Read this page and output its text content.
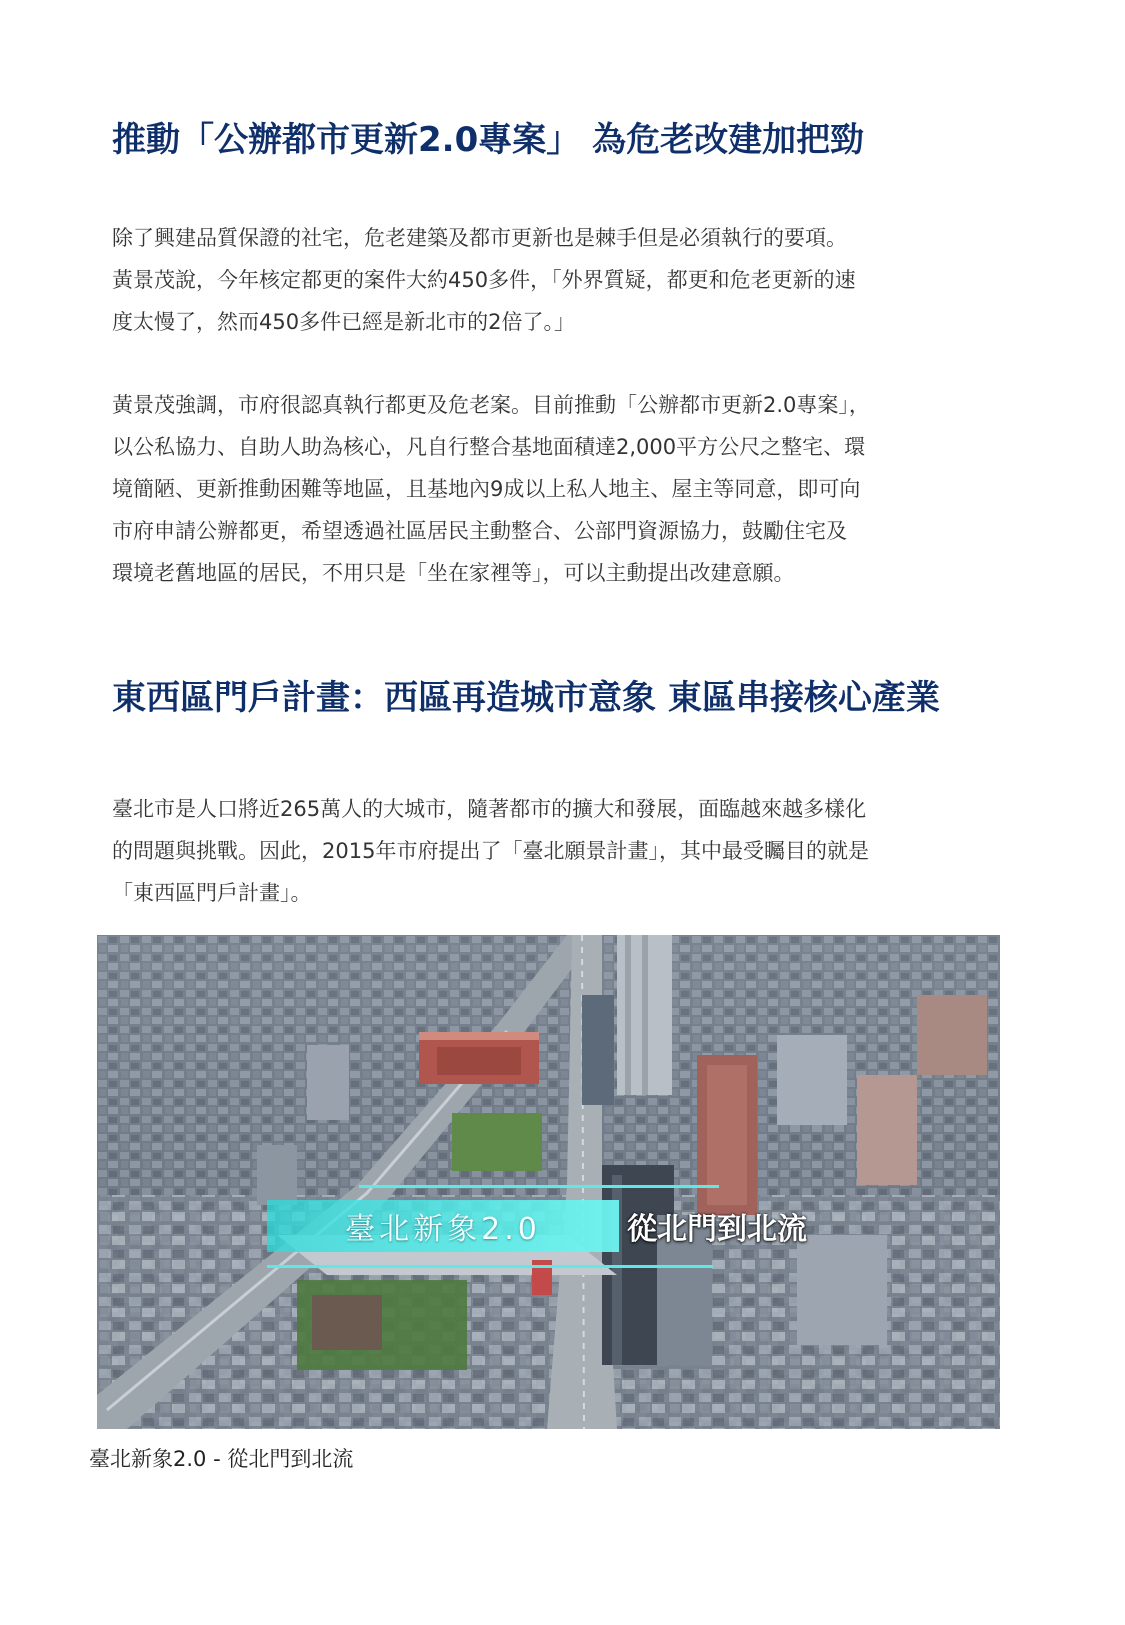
推動「公辦都市更新2.0專案」 為危老改建加把勁
除了興建品質保證的社宅，危老建築及都市更新也是棘手但是必須執行的要項。
黃景茂說，今年核定都更的案件大約450多件，「外界質疑，都更和危老更新的速
度太慢了，然而450多件已經是新北市的2倍了。」
黃景茂強調，市府很認真執行都更及危老案。目前推動「公辦都市更新2.0專案」，
以公私協力、自助人助為核心，凡自行整合基地面積達2,000平方公尺之整宅、環
境簡陋、更新推動困難等地區，且基地內9成以上私人地主、屋主等同意，即可向
市府申請公辦都更，希望透過社區居民主動整合、公部門資源協力，鼓勵住宅及
環境老舊地區的居民，不用只是「坐在家裡等」，可以主動提出改建意願。
東西區門戶計畫：西區再造城市意象 東區串接核心產業
臺北市是人口將近265萬人的大城市，隨著都市的擴大和發展，面臨越來越多樣化
的問題與挑戰。因此，2015年市府提出了「臺北願景計畫」，其中最受矚目的就是
「東西區門戶計畫」。
臺北新象2.0	從北門到北流
臺北新象2.0 - 從北門到北流
